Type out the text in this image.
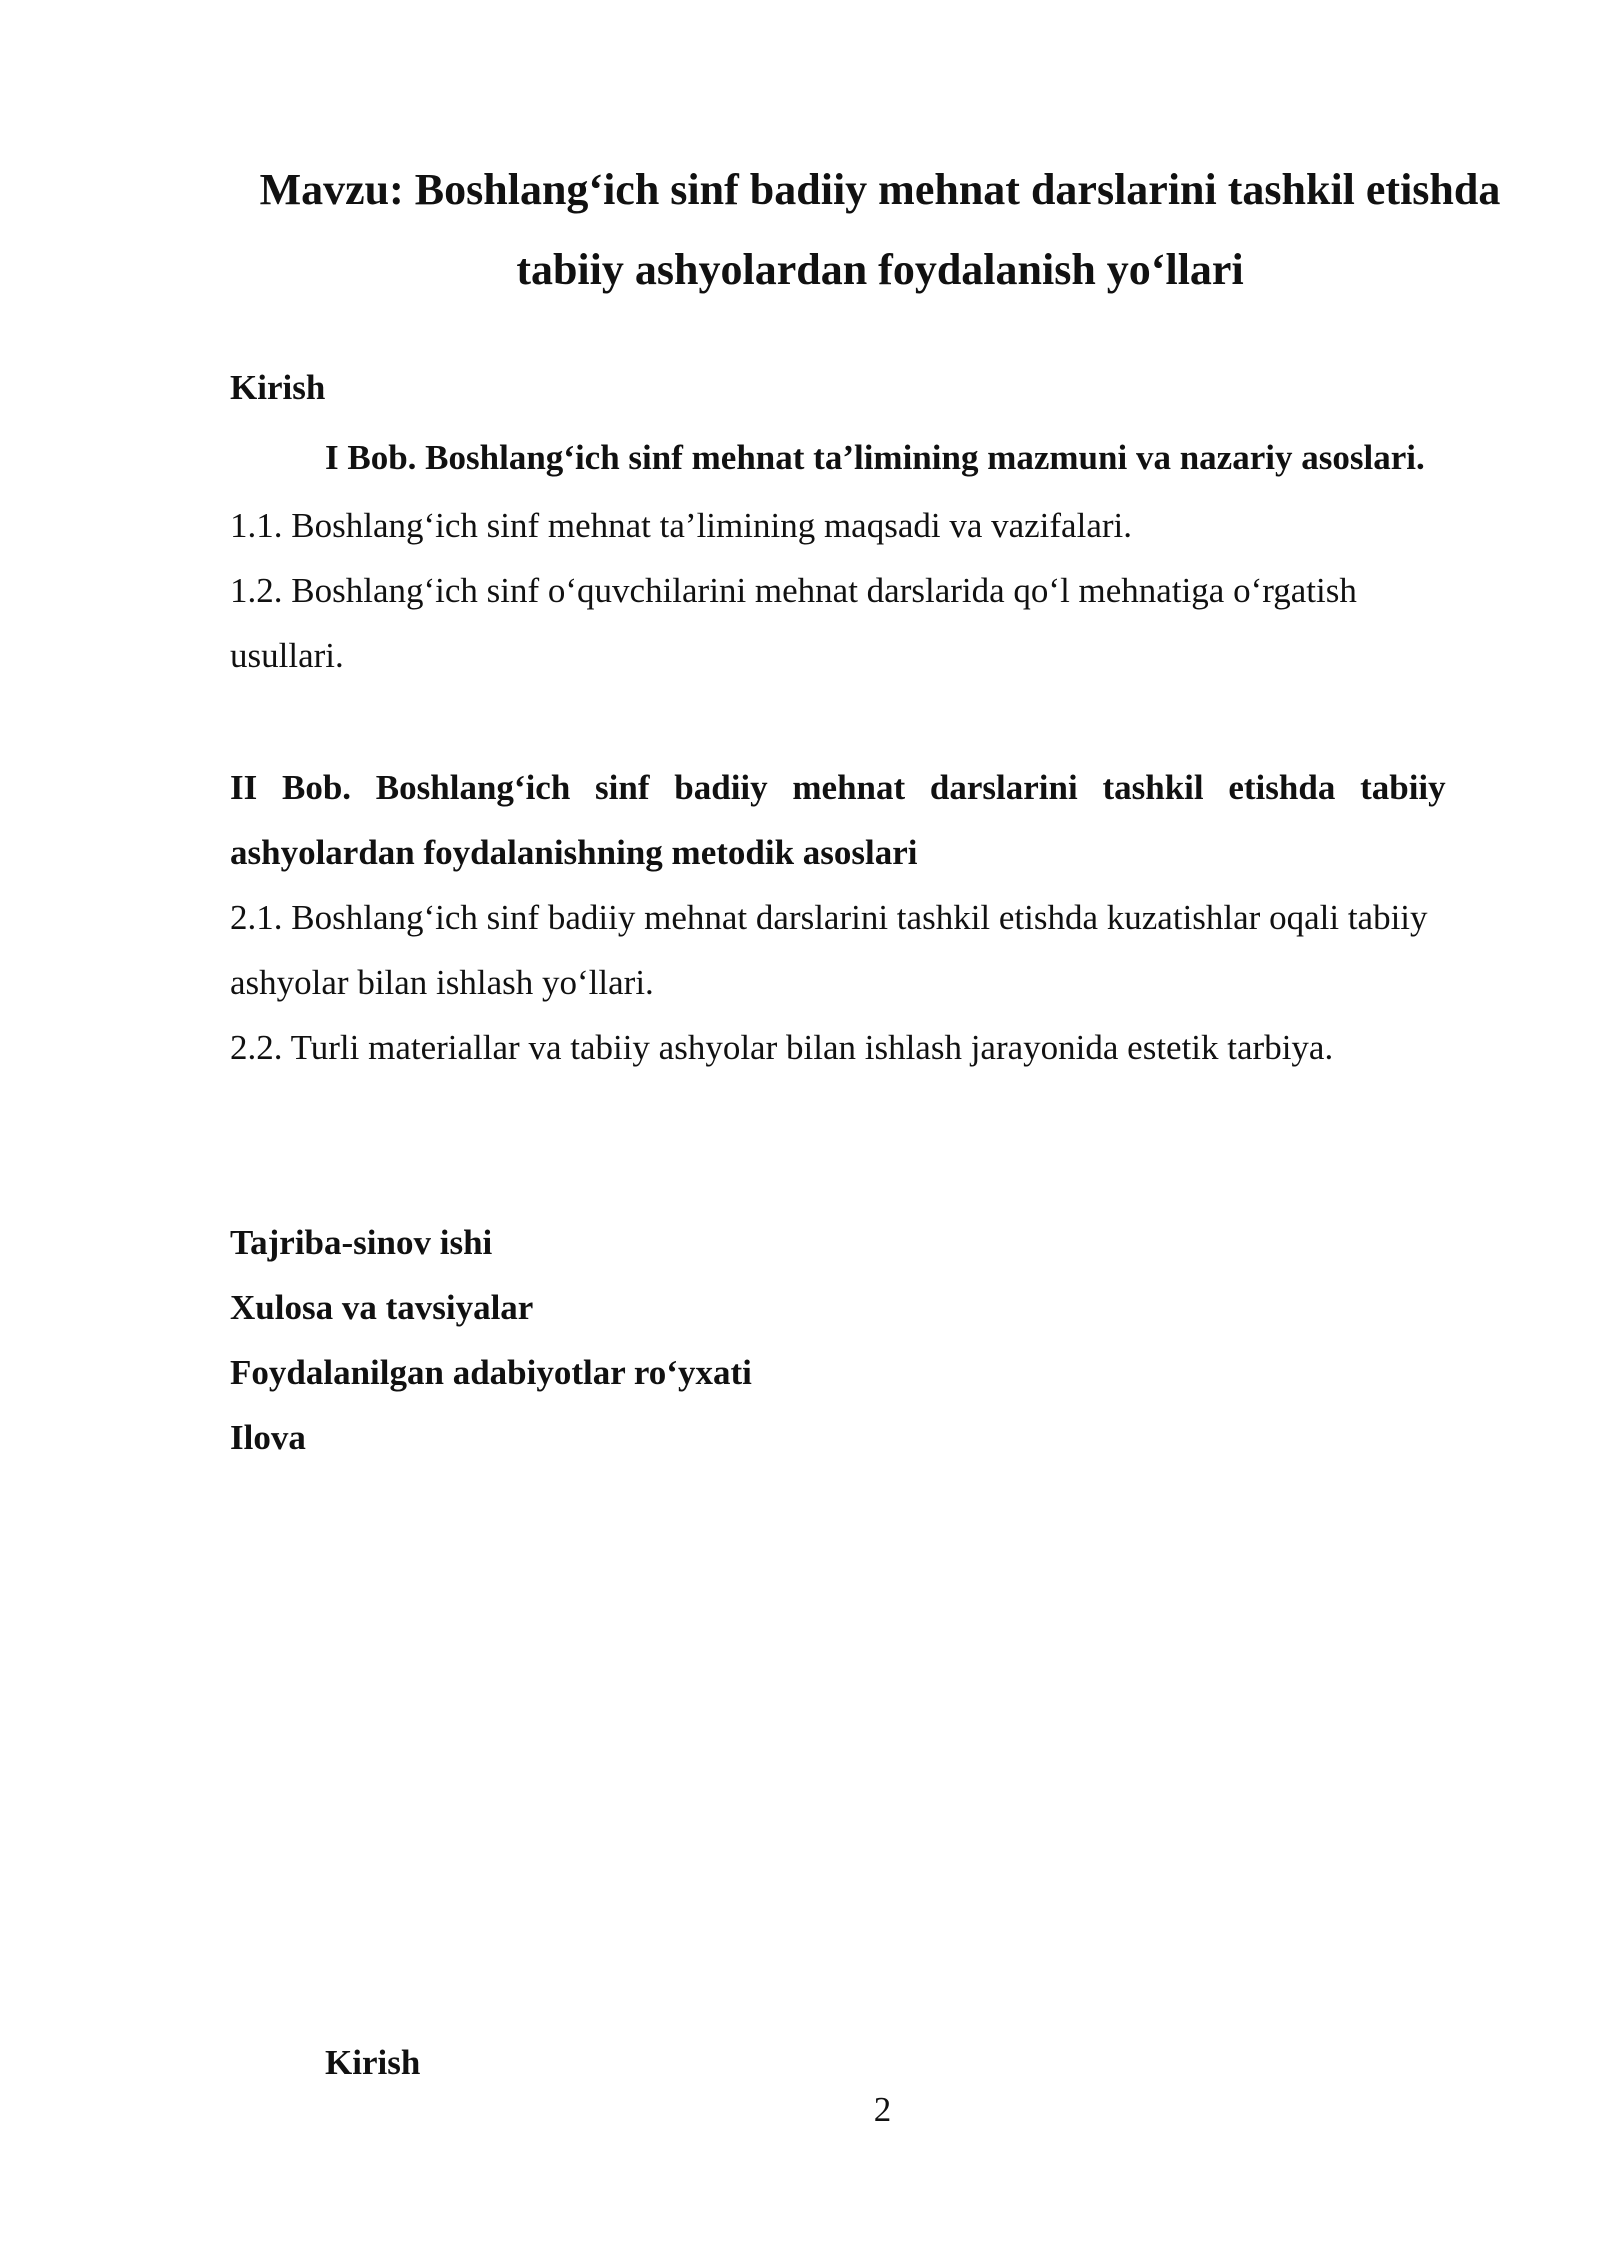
Mavzu: Boshlang‘ich sinf badiiy mehnat darslarini tashkil etishda
tabiiy ashyolardan foydalanish yo‘llari

Kirish

I Bob. Boshlang‘ich sinf mehnat ta’limining mazmuni va nazariy asoslari.

1.1. Boshlang‘ich sinf mehnat ta’limining maqsadi va vazifalari.

1.2. Boshlang‘ich sinf o‘quvchilarini mehnat darslarida qo‘l mehnatiga o‘rgatish

usullari.

II Bob. Boshlang‘ich sinf badiiy mehnat darslarini tashkil etishda tabiiy

ashyolardan foydalanishning metodik asoslari

2.1. Boshlang‘ich sinf badiiy mehnat darslarini tashkil etishda kuzatishlar oqali tabiiy

ashyolar bilan ishlash yo‘llari.

2.2. Turli materiallar va tabiiy ashyolar bilan ishlash jarayonida estetik tarbiya.

Tajriba-sinov ishi

Xulosa va tavsiyalar

Foydalanilgan adabiyotlar ro‘yxati

Ilova

Kirish

2
